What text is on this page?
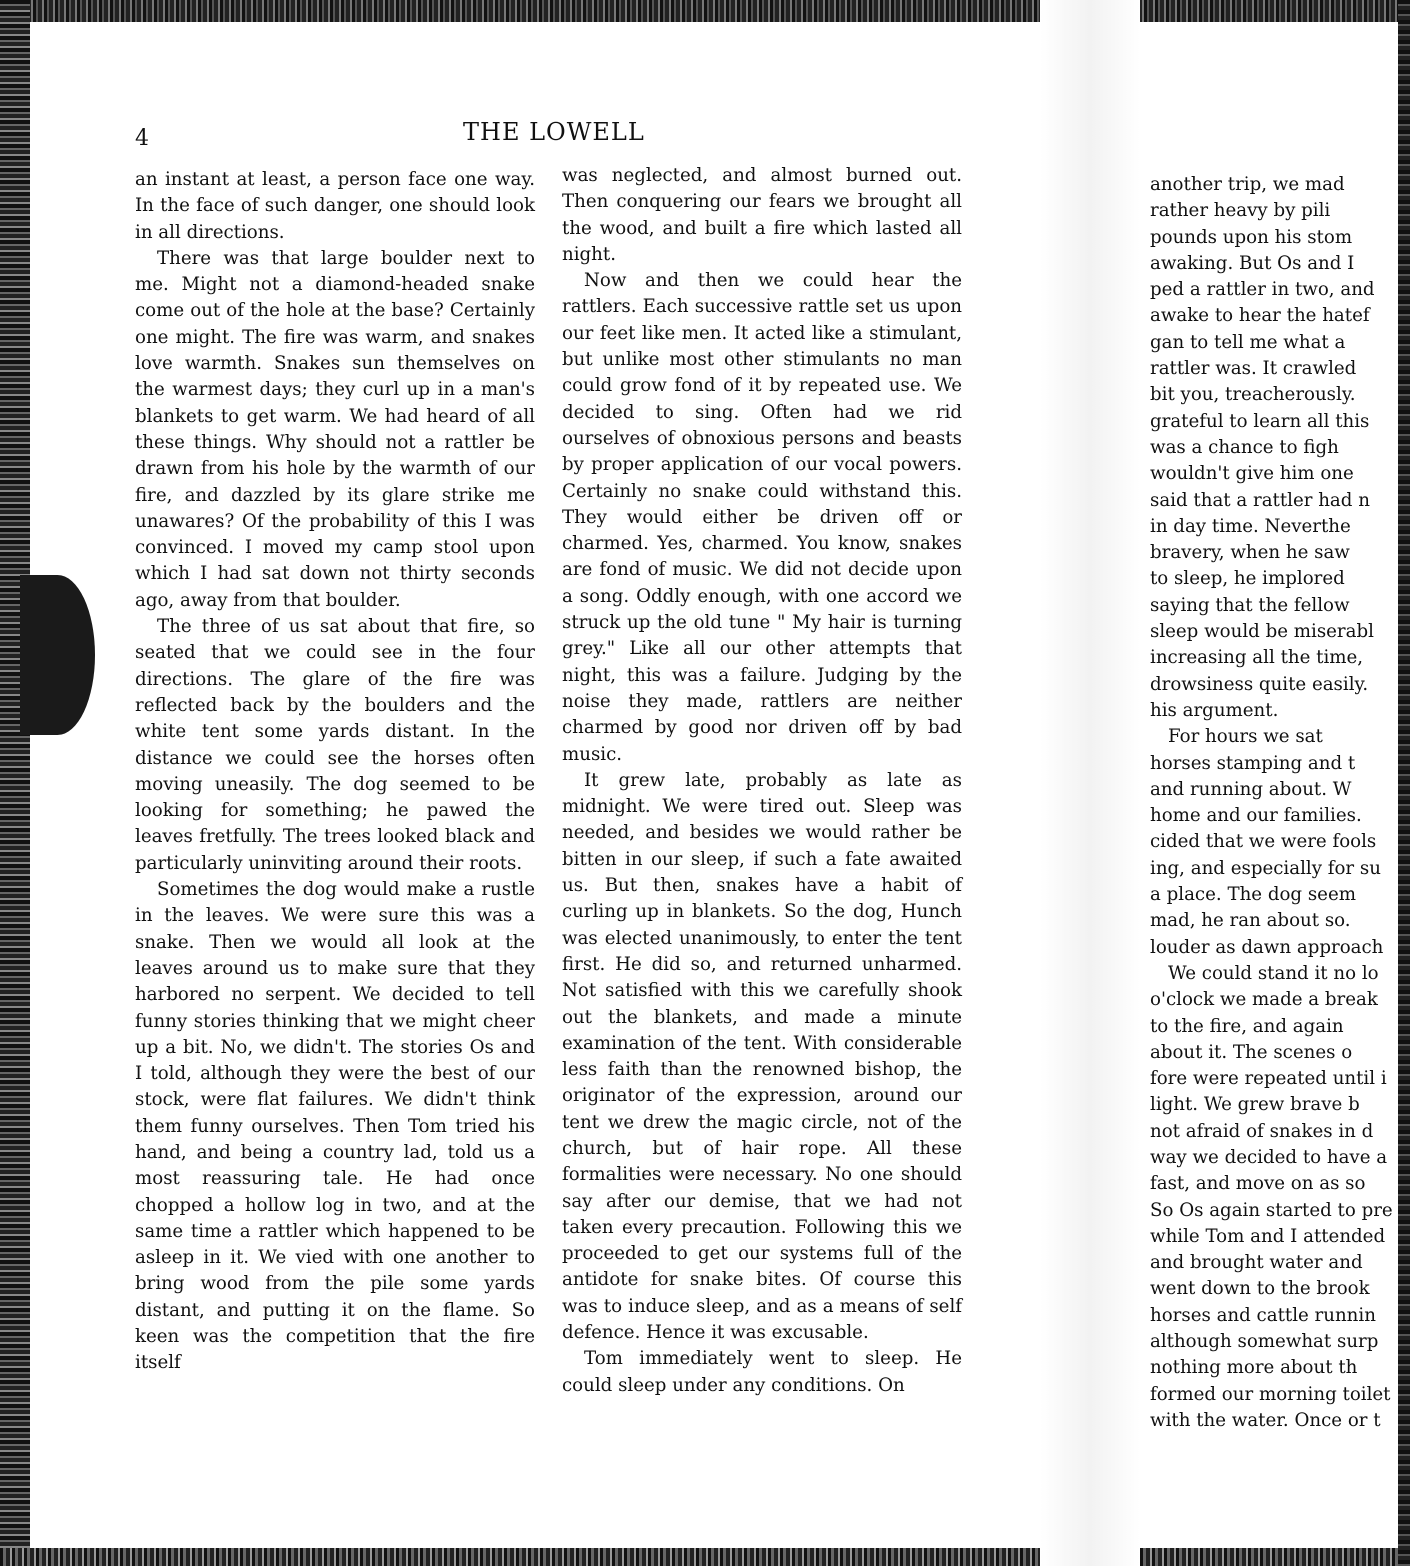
4	THE LOWELL

an instant at least, a person face one way. In the face of such danger, one should look in all directions.

There was that large boulder next to me. Might not a diamond-headed snake come out of the hole at the base? Certainly one might. The fire was warm, and snakes love warmth. Snakes sun themselves on the warmest days; they curl up in a man's blankets to get warm. We had heard of all these things. Why should not a rattler be drawn from his hole by the warmth of our fire, and dazzled by its glare strike me unawares? Of the probability of this I was convinced. I moved my camp stool upon which I had sat down not thirty seconds ago, away from that boulder.

The three of us sat about that fire, so seated that we could see in the four directions. The glare of the fire was reflected back by the boulders and the white tent some yards distant. In the distance we could see the horses often moving uneasily. The dog seemed to be looking for something; he pawed the leaves fretfully. The trees looked black and particularly uninviting around their roots.

Sometimes the dog would make a rustle in the leaves. We were sure this was a snake. Then we would all look at the leaves around us to make sure that they harbored no serpent. We decided to tell funny stories thinking that we might cheer up a bit. No, we didn't. The stories Os and I told, although they were the best of our stock, were flat failures. We didn't think them funny ourselves. Then Tom tried his hand, and being a country lad, told us a most reassuring tale. He had once chopped a hollow log in two, and at the same time a rattler which happened to be asleep in it. We vied with one another to bring wood from the pile some yards distant, and putting it on the flame. So keen was the competition that the fire itself

was neglected, and almost burned out. Then conquering our fears we brought all the wood, and built a fire which lasted all night.

Now and then we could hear the rattlers. Each successive rattle set us upon our feet like men. It acted like a stimulant, but unlike most other stimulants no man could grow fond of it by repeated use. We decided to sing. Often had we rid ourselves of obnoxious persons and beasts by proper application of our vocal powers. Certainly no snake could withstand this. They would either be driven off or charmed. Yes, charmed. You know, snakes are fond of music. We did not decide upon a song. Oddly enough, with one accord we struck up the old tune " My hair is turning grey." Like all our other attempts that night, this was a failure. Judging by the noise they made, rattlers are neither charmed by good nor driven off by bad music.

It grew late, probably as late as midnight. We were tired out. Sleep was needed, and besides we would rather be bitten in our sleep, if such a fate awaited us. But then, snakes have a habit of curling up in blankets. So the dog, Hunch was elected unanimously, to enter the tent first. He did so, and returned unharmed. Not satisfied with this we carefully shook out the blankets, and made a minute examination of the tent. With considerable less faith than the renowned bishop, the originator of the expression, around our tent we drew the magic circle, not of the church, but of hair rope. All these formalities were necessary. No one should say after our demise, that we had not taken every precaution. Following this we proceeded to get our systems full of the antidote for snake bites. Of course this was to induce sleep, and as a means of self defence. Hence it was excusable.

Tom immediately went to sleep. He could sleep under any conditions. On

another trip, we mad

rather heavy by pili

pounds upon his stom

awaking. But Os and I

ped a rattler in two, and

awake to hear the hatef

gan to tell me what a

rattler was. It crawled

bit you, treacherously.

grateful to learn all this

was a chance to figh

wouldn't give him one

said that a rattler had n

in day time. Neverthe

bravery, when he saw

to sleep, he implored

saying that the fellow

sleep would be miserabl

increasing all the time,

drowsiness quite easily.

his argument.

For hours we sat

horses stamping and t

and running about. W

home and our families.

cided that we were fools

ing, and especially for su

a place. The dog seem

mad, he ran about so.

louder as dawn approach

We could stand it no lo

o'clock we made a break

to the fire, and again

about it. The scenes o

fore were repeated until i

light. We grew brave b

not afraid of snakes in d

way we decided to have a

fast, and move on as so

So Os again started to pre

while Tom and I attended

and brought water and

went down to the brook

horses and cattle runnin

although somewhat surp

nothing more about th

formed our morning toilet

with the water. Once or t
